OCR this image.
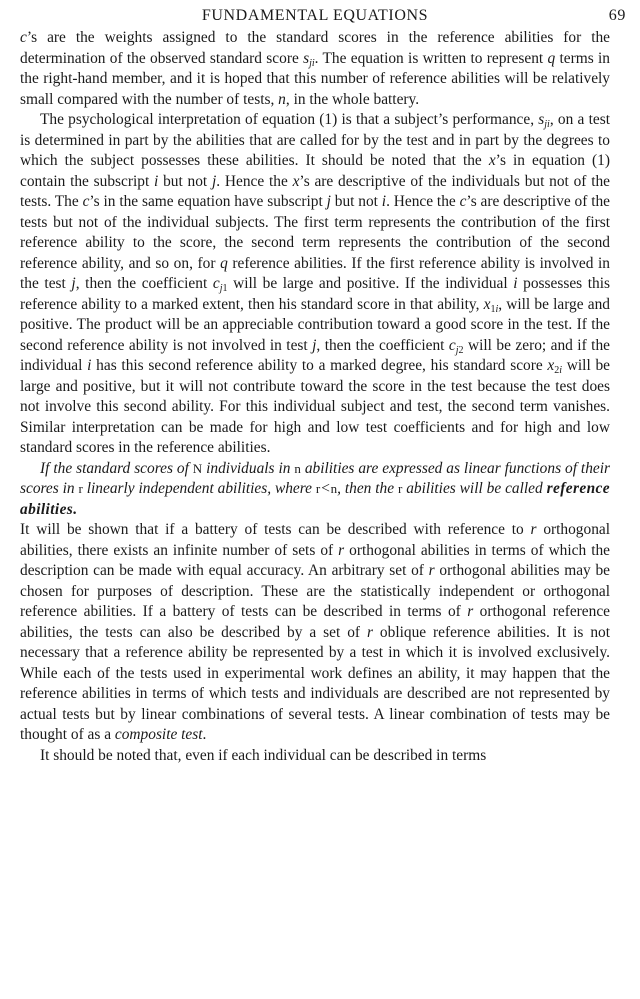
FUNDAMENTAL EQUATIONS	69

c’s are the weights assigned to the standard scores in the reference abilities for the determination of the observed standard score $s_{ji}$. The equation is written to represent q terms in the right-hand member, and it is hoped that this number of reference abilities will be relatively small compared with the number of tests, n, in the whole battery.

The psychological interpretation of equation (1) is that a subject’s performance, $s_{ji}$, on a test is determined in part by the abilities that are called for by the test and in part by the degrees to which the subject possesses these abilities. It should be noted that the x’s in equation (1) contain the subscript i but not j. Hence the x’s are descriptive of the individuals but not of the tests. The c’s in the same equation have subscript j but not i. Hence the c’s are descriptive of the tests but not of the individual subjects. The first term represents the contribution of the first reference ability to the score, the second term represents the contribution of the second reference ability, and so on, for q reference abilities. If the first reference ability is involved in the test j, then the coefficient $c_{j1}$ will be large and positive. If the individual i possesses this reference ability to a marked extent, then his standard score in that ability, $x_{1i}$, will be large and positive. The product will be an appreciable contribution toward a good score in the test. If the second reference ability is not involved in test j, then the coefficient $c_{j2}$ will be zero; and if the individual i has this second reference ability to a marked degree, his standard score $x_{2i}$ will be large and positive, but it will not contribute toward the score in the test because the test does not involve this second ability. For this individual subject and test, the second term vanishes. Similar interpretation can be made for high and low test coefficients and for high and low standard scores in the reference abilities.

If the standard scores of N individuals in n abilities are expressed as linear functions of their scores in r linearly independent abilities, where r<n, then the r abilities will be called reference abilities.

It will be shown that if a battery of tests can be described with reference to r orthogonal abilities, there exists an infinite number of sets of r orthogonal abilities in terms of which the description can be made with equal accuracy. An arbitrary set of r orthogonal abilities may be chosen for purposes of description. These are the statistically independent or orthogonal reference abilities. If a battery of tests can be described in terms of r orthogonal reference abilities, the tests can also be described by a set of r oblique reference abilities. It is not necessary that a reference ability be represented by a test in which it is involved exclusively. While each of the tests used in experimental work defines an ability, it may happen that the reference abilities in terms of which tests and individuals are described are not represented by actual tests but by linear combinations of several tests. A linear combination of tests may be thought of as a composite test.

It should be noted that, even if each individual can be described in terms
